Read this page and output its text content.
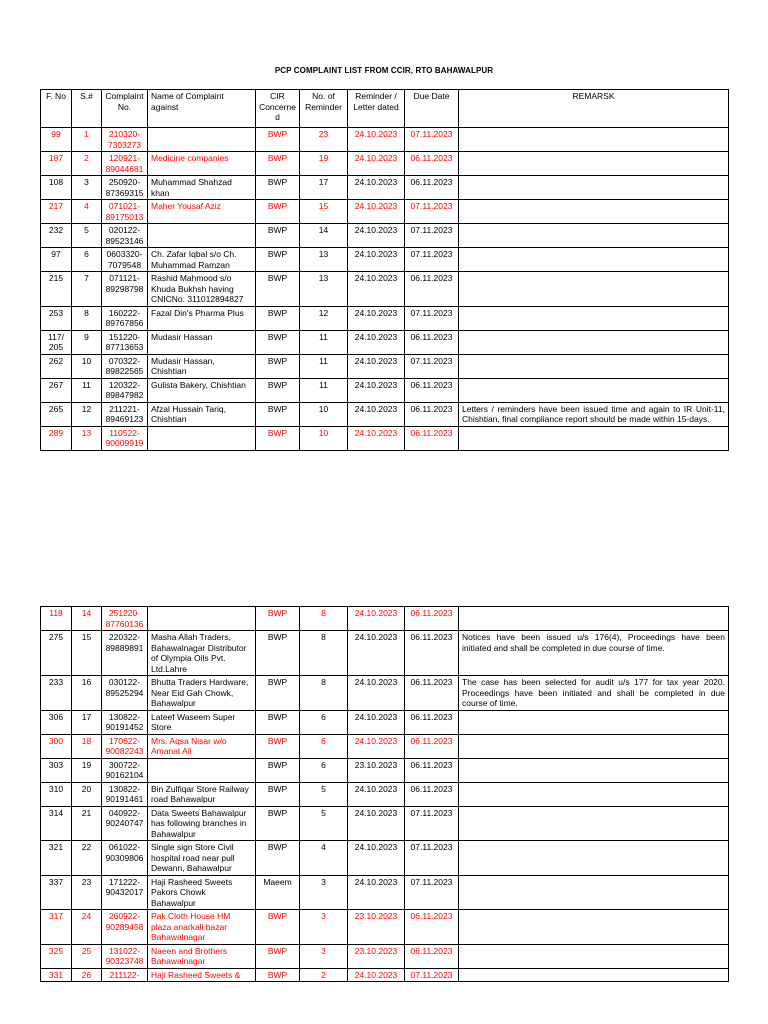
PCP COMPLAINT LIST FROM CCIR, RTO BAHAWALPUR
F. No	S.#	Complaint No.	Name of Complaint against	CIR Concerne d	No. of Reminder	Reminder / Letter dated	Due Date	REMARSK
99	1	210320-7303273		BWP	23	24.10.2023	07.11.2023	
187	2	120921-89044681	Medicine companies	BWP	19	24.10.2023	06.11.2023	
108	3	250920-87369315	Muhammad Shahzad khan	BWP	17	24.10.2023	06.11.2023	
217	4	071021-89175013	Maher Yousaf Aziz	BWP	15	24.10.2023	07.11.2023	
232	5	020122-89523146		BWP	14	24.10.2023	07.11.2023	
97	6	0603320-7079548	Ch. Zafar Iqbal s/o Ch. Muhammad Ramzan	BWP	13	24.10.2023	07.11.2023	
215	7	071121-89298798	Rashid Mahmood s/o Khuda Bukhsh having CNICNo. 311012894827	BWP	13	24.10.2023	06.11.2023	
253	8	160222-89767856	Fazal Din's Pharma Plus	BWP	12	24.10.2023	07.11.2023	
117/ 205	9	151220-87713653	Mudasir Hassan	BWP	11	24.10.2023	06.11.2023	
262	10	070322-89822565	Mudasir Hassan, Chishtian	BWP	11	24.10.2023	07.11.2023	
267	11	120322-89847982	Gulista Bakery, Chishtian	BWP	11	24.10.2023	06.11.2023	
265	12	211221-89469123	Afzal Hussain Tariq, Chishtian	BWP	10	24.10.2023	06.11.2023	Letters / reminders have been issued time and again to IR Unit-11, Chishtian, final compliance report should be made within 15-days.
289	13	110522-90009919		BWP	10	24.10.2023	06.11.2023	
118	14	251220-87760136		BWP	8	24.10.2023	06.11.2023	
275	15	220322-89889891	Masha Allah Traders, Bahawalnagar Distributor of Olympia Oils Pvt. Ltd.Lahre	BWP	8	24.10.2023	06.11.2023	Notices have been issued u/s 176(4), Proceedings have been initiated and shall be completed in due course of time.
233	16	030122-89525294	Bhutta Traders Hardware, Near Eid Gah Chowk, Bahawalpur	BWP	8	24.10.2023	06.11.2023	The case has been selected for audit u/s 177 for tax year 2020. Proceedings have been initiated and shall be completed in due course of time.
306	17	130822-90191452	Lateef Waseem Super Store	BWP	6	24.10.2023	06.11.2023	
300	18	170622-90082243	Mrs. Aqsa Nisar w/o Amanat Ali	BWP	6	24.10.2023	06.11.2023	
303	19	300722-90162104		BWP	6	23.10.2023	06.11.2023	
310	20	130822-90191461	Bin Zulfiqar Store Railway road Bahawalpur	BWP	5	24.10.2023	06.11.2023	
314	21	040922-90240747	Data Sweets Bahawalpur has following branches in Bahawalpur	BWP	5	24.10.2023	07.11.2023	
321	22	061022-90309806	Single sign Store Civil hospital road near pull Dewann, Bahawalpur	BWP	4	24.10.2023	07.11.2023	
337	23	171222-90432017	Haji Rasheed Sweets Pakors Chowk Bahawalpur	Maeem	3	24.10.2023	07.11.2023	
317	24	260922-90289458	Pak Cloth House HM plaza anarkali bazar Bahawalnagar	BWP	3	23.10.2023	06.11.2023	
325	25	131022-90323748	Naeen and Brothers Bahawalnagar	BWP	3	23.10.2023	06.11.2023	
331	26	211122-	Haji Rasheed Sweets &	BWP	2	24.10.2023	07.11.2023	
